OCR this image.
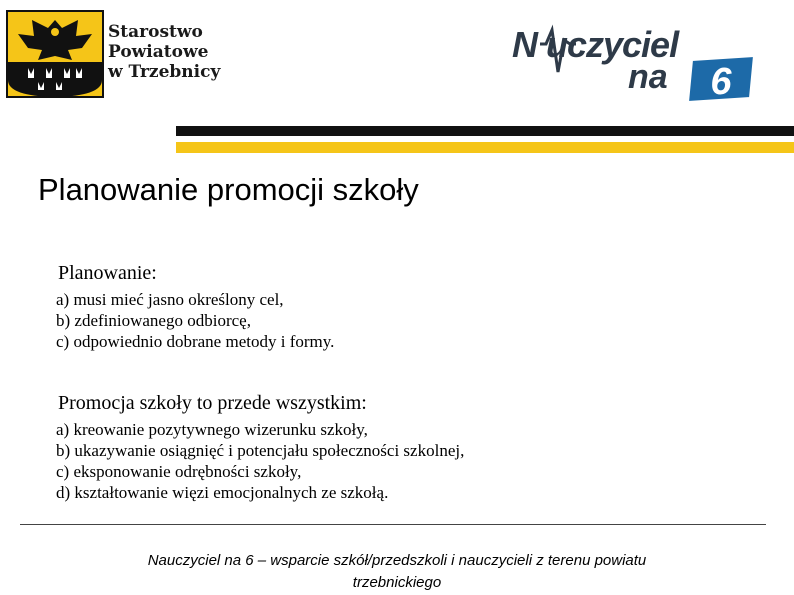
Starostwo
Powiatowe
w Trzebnicy
N uczyciel
na 6
Planowanie promocji szkoły
Planowanie:
a) musi mieć jasno określony cel,
b) zdefiniowanego odbiorcę,
c) odpowiednio dobrane metody i formy.
Promocja szkoły to przede wszystkim:
a) kreowanie pozytywnego wizerunku szkoły,
b) ukazywanie osiągnięć i potencjału społeczności szkolnej,
c) eksponowanie odrębności szkoły,
d) kształtowanie więzi emocjonalnych ze szkołą.
Nauczyciel na 6 – wsparcie szkół/przedszkoli i nauczycieli z terenu powiatu
trzebnickiego
